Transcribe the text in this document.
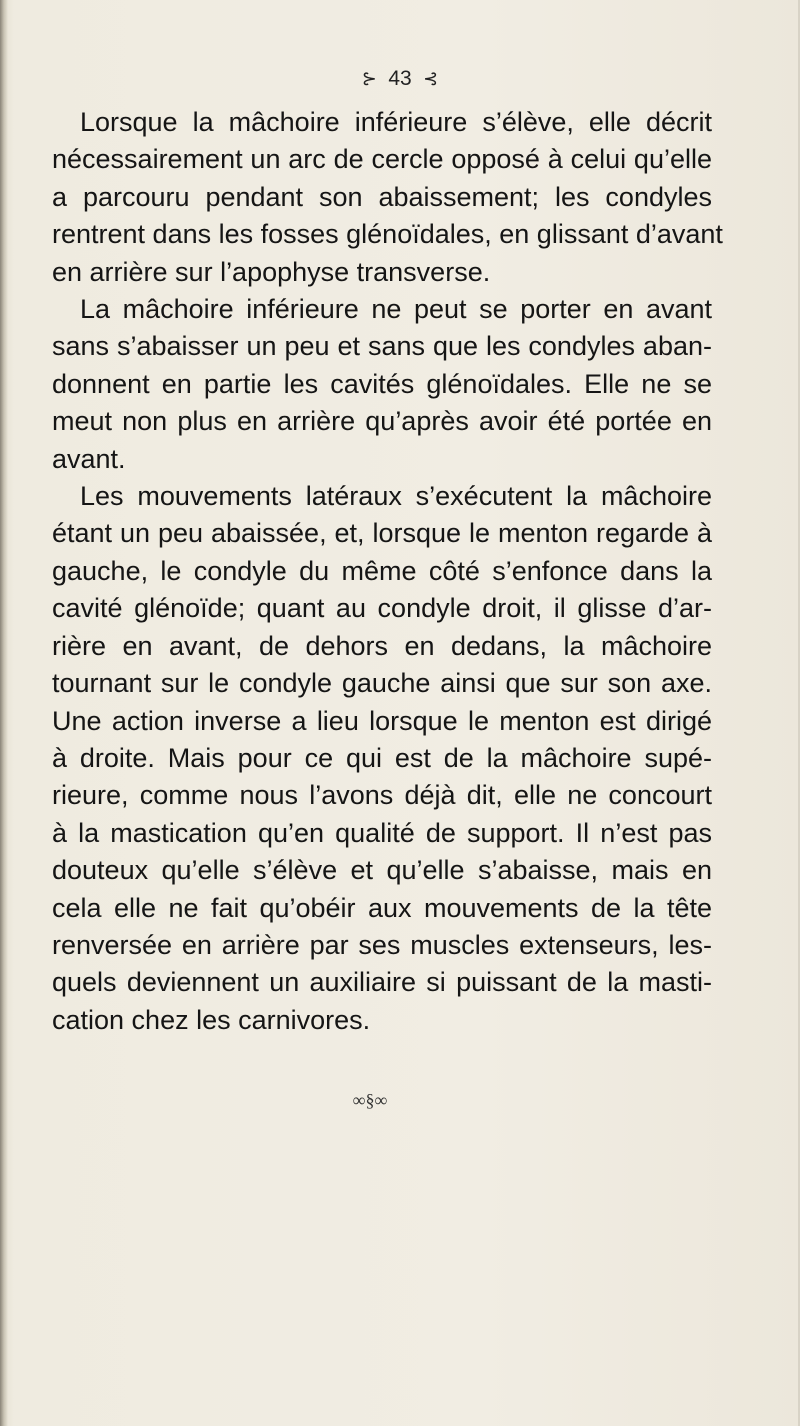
⊱ 43 ⊰
Lorsque la mâchoire inférieure s’élève, elle décrit
nécessairement un arc de cercle opposé à celui qu’elle
a parcouru pendant son abaissement; les condyles
rentrent dans les fosses glénoïdales, en glissant d’avant
en arrière sur l’apophyse transverse.
La mâchoire inférieure ne peut se porter en avant
sans s’abaisser un peu et sans que les condyles aban-
donnent en partie les cavités glénoïdales. Elle ne se
meut non plus en arrière qu’après avoir été portée en
avant.
Les mouvements latéraux s’exécutent la mâchoire
étant un peu abaissée, et, lorsque le menton regarde à
gauche, le condyle du même côté s’enfonce dans la
cavité glénoïde; quant au condyle droit, il glisse d’ar-
rière en avant, de dehors en dedans, la mâchoire
tournant sur le condyle gauche ainsi que sur son axe.
Une action inverse a lieu lorsque le menton est dirigé
à droite. Mais pour ce qui est de la mâchoire supé-
rieure, comme nous l’avons déjà dit, elle ne concourt
à la mastication qu’en qualité de support. Il n’est pas
douteux qu’elle s’élève et qu’elle s’abaisse, mais en
cela elle ne fait qu’obéir aux mouvements de la tête
renversée en arrière par ses muscles extenseurs, les-
quels deviennent un auxiliaire si puissant de la masti-
cation chez les carnivores.
∞§∞
